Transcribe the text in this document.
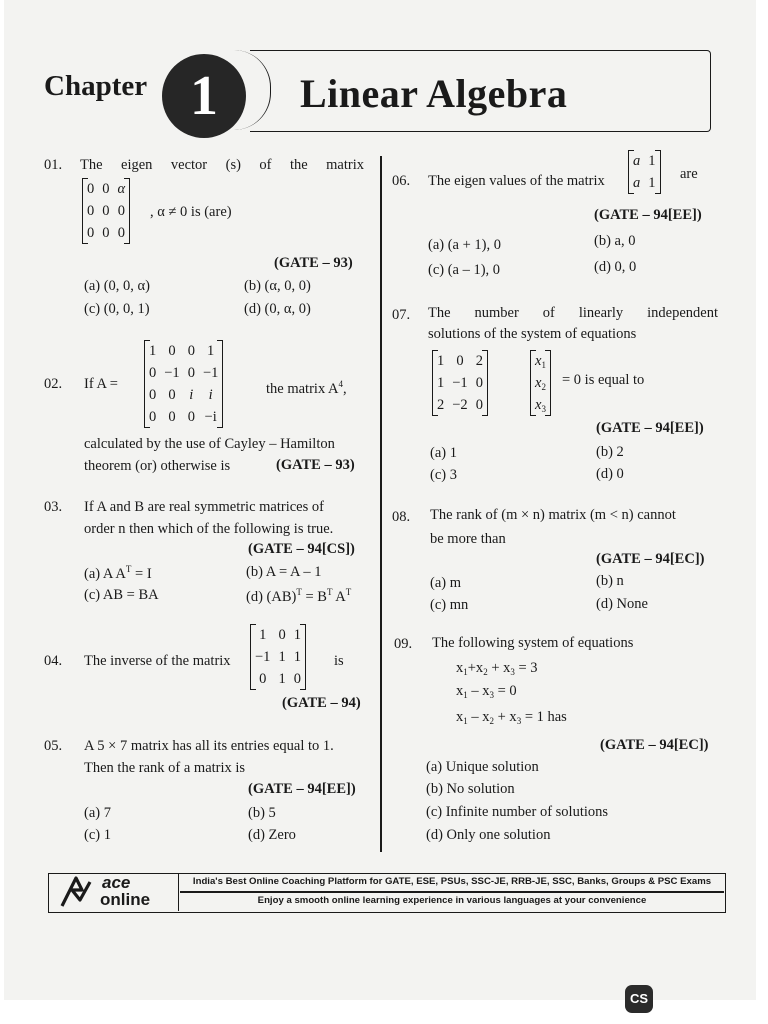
Chapter 1	Linear Algebra
01. The eigen vector (s) of the matrix
0	0	α
0	0	0
0	0	0
, α ≠ 0 is (are)
(GATE – 93)
(a) (0, 0, α)	(b) (α, 0, 0)
(c) (0, 0, 1)	(d) (0, α, 0)
02. If A =
1	0	0	1
0	−1	0	−1
0	0	i	i
0	0	0	−i
the matrix $A^4$,
calculated by the use of Cayley – Hamilton
theorem (or) otherwise is	(GATE – 93)
03. If A and B are real symmetric matrices of
order n then which of the following is true.
(GATE – 94[CS])
(a) A $A^T = I$	(b) A = A – 1
(c) AB = BA	(d) $(AB)^T = B^T$ $A^T$
04. The inverse of the matrix
1	0	1
−1	1	1
0	1	0
is
(GATE – 94)
05. A 5 × 7 matrix has all its entries equal to 1.
Then the rank of a matrix is
(GATE – 94[EE])
(a) 7	(b) 5
(c) 1	(d) Zero
06. The eigen values of the matrix
a	1
a	1
are
(GATE – 94[EE])
(a) (a + 1), 0	(b) a, 0
(c) (a – 1), 0	(d) 0, 0
07. The number of linearly independent
solutions of the system of equations
1	0	2
1	−1	0
2	−2	0
$x_1$
$x_2$
$x_3$
= 0 is equal to
(GATE – 94[EE])
(a) 1	(b) 2
(c) 3	(d) 0
08. The rank of (m × n) matrix (m < n) cannot
be more than
(GATE – 94[EC])
(a) m	(b) n
(c) mn	(d) None
09. The following system of equations
$x_1+x_2 + x_3 = 3$
$x_1 - x_3 = 0$
$x_1 - x_2 + x_3 = 1$ has
(GATE – 94[EC])
(a) Unique solution
(b) No solution
(c) Infinite number of solutions
(d) Only one solution
ace
online
India's Best Online Coaching Platform for GATE, ESE, PSUs, SSC-JE, RRB-JE, SSC, Banks, Groups & PSC Exams
Enjoy a smooth online learning experience in various languages at your convenience
CS
